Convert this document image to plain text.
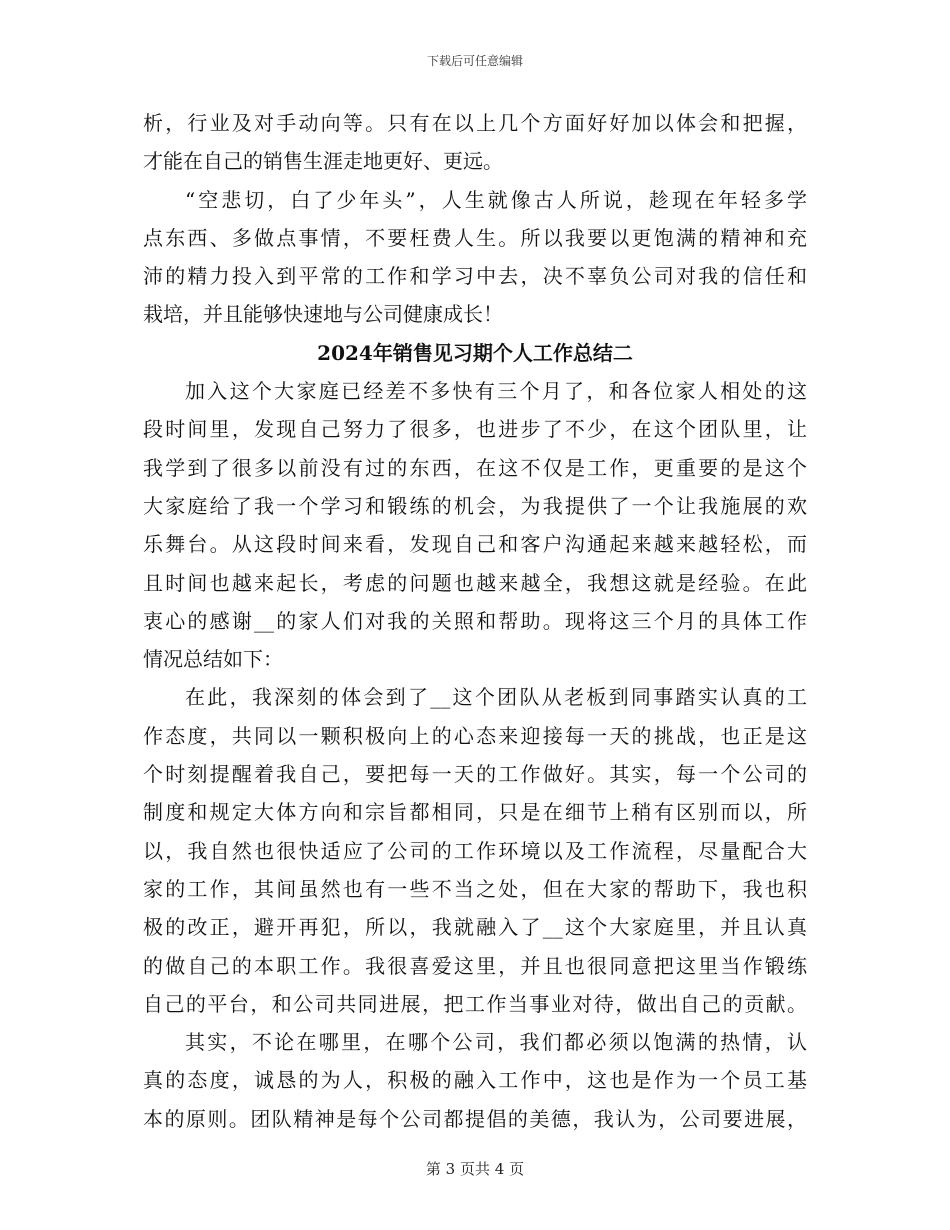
下载后可任意编辑
析，行业及对手动向等。只有在以上几个方面好好加以体会和把握，
才能在自己的销售生涯走地更好、更远。
“空悲切，白了少年头”，人生就像古人所说，趁现在年轻多学
点东西、多做点事情，不要枉费人生。所以我要以更饱满的精神和充
沛的精力投入到平常的工作和学习中去，决不辜负公司对我的信任和
栽培，并且能够快速地与公司健康成长！
2024年销售见习期个人工作总结二
加入这个大家庭已经差不多快有三个月了，和各位家人相处的这
段时间里，发现自己努力了很多，也进步了不少，在这个团队里，让
我学到了很多以前没有过的东西，在这不仅是工作，更重要的是这个
大家庭给了我一个学习和锻练的机会，为我提供了一个让我施展的欢
乐舞台。从这段时间来看，发现自己和客户沟通起来越来越轻松，而
且时间也越来起长，考虑的问题也越来越全，我想这就是经验。在此
衷心的感谢__的家人们对我的关照和帮助。现将这三个月的具体工作
情况总结如下：
在此，我深刻的体会到了__这个团队从老板到同事踏实认真的工
作态度，共同以一颗积极向上的心态来迎接每一天的挑战，也正是这
个时刻提醒着我自己，要把每一天的工作做好。其实，每一个公司的
制度和规定大体方向和宗旨都相同，只是在细节上稍有区别而以，所
以，我自然也很快适应了公司的工作环境以及工作流程，尽量配合大
家的工作，其间虽然也有一些不当之处，但在大家的帮助下，我也积
极的改正，避开再犯，所以，我就融入了__这个大家庭里，并且认真
的做自己的本职工作。我很喜爱这里，并且也很同意把这里当作锻练
自己的平台，和公司共同进展，把工作当事业对待，做出自己的贡献。
其实，不论在哪里，在哪个公司，我们都必须以饱满的热情，认
真的态度，诚恳的为人，积极的融入工作中，这也是作为一个员工基
本的原则。团队精神是每个公司都提倡的美德，我认为，公司要进展，
第 3 页共 4 页
